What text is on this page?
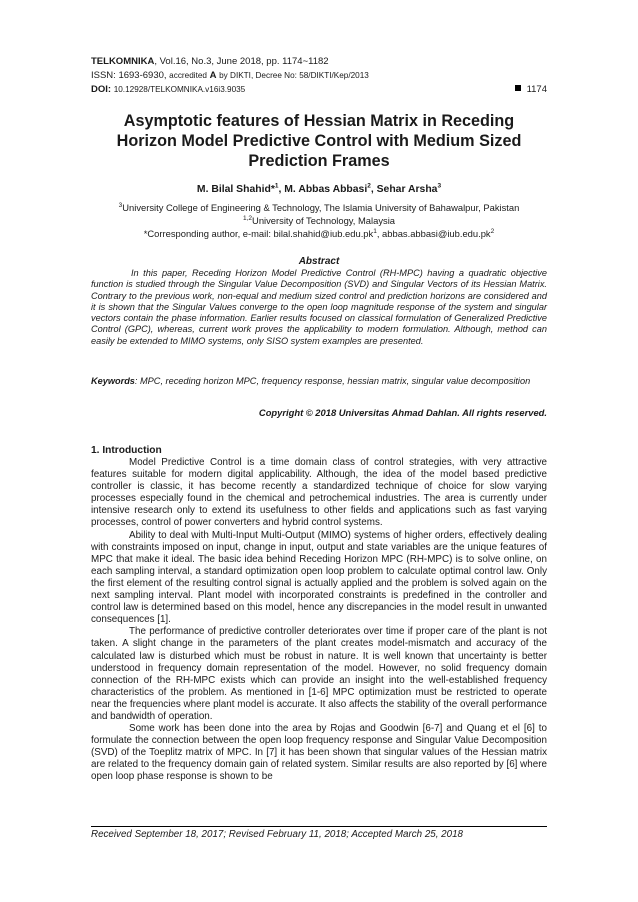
TELKOMNIKA, Vol.16, No.3, June 2018, pp. 1174~1182
ISSN: 1693-6930, accredited A by DIKTI, Decree No: 58/DIKTI/Kep/2013
DOI: 10.12928/TELKOMNIKA.v16i3.9035	1174
Asymptotic features of Hessian Matrix in Receding
Horizon Model Predictive Control with Medium Sized
Prediction Frames
M. Bilal Shahid*$^1$, M. Abbas Abbasi$^2$, Sehar Arsha$^3$
$^3$University College of Engineering & Technology, The Islamia University of Bahawalpur, Pakistan
$^{1,2}$University of Technology, Malaysia
*Corresponding author, e-mail: $bilal.shahid@iub.edu.pk^1$, $abbas.abbasi@iub.edu.pk^2$
Abstract

In this paper, Receding Horizon Model Predictive Control (RH-MPC) having a quadratic objective function is studied through the Singular Value Decomposition (SVD) and Singular Vectors of its Hessian Matrix. Contrary to the previous work, non-equal and medium sized control and prediction horizons are considered and it is shown that the Singular Values converge to the open loop magnitude response of the system and singular vectors contain the phase information. Earlier results focused on classical formulation of Generalized Predictive Control (GPC), whereas, current work proves the applicability to modern formulation. Although, method can easily be extended to MIMO systems, only SISO system examples are presented.

Keywords: MPC, receding horizon MPC, frequency response, hessian matrix, singular value decomposition
Copyright © 2018 Universitas Ahmad Dahlan. All rights reserved.
1. Introduction

Model Predictive Control is a time domain class of control strategies, with very attractive features suitable for modern digital applicability. Although, the idea of the model based predictive controller is classic, it has become recently a standardized technique of choice for slow varying processes especially found in the chemical and petrochemical industries. The area is currently under intensive research only to extend its usefulness to other fields and applications such as fast varying processes, control of power converters and hybrid control systems.

Ability to deal with Multi-Input Multi-Output (MIMO) systems of higher orders, effectively dealing with constraints imposed on input, change in input, output and state variables are the unique features of MPC that make it ideal. The basic idea behind Receding Horizon MPC (RH-MPC) is to solve online, on each sampling interval, a standard optimization open loop problem to calculate optimal control law. Only the first element of the resulting control signal is actually applied and the problem is solved again on the next sampling interval. Plant model with incorporated constraints is predefined in the controller and control law is determined based on this model, hence any discrepancies in the model result in unwanted consequences [1].

The performance of predictive controller deteriorates over time if proper care of the plant is not taken. A slight change in the parameters of the plant creates model-mismatch and accuracy of the calculated law is disturbed which must be robust in nature. It is well known that uncertainty is better understood in frequency domain representation of the model. However, no solid frequency domain connection of the RH-MPC exists which can provide an insight into the well-established frequency characteristics of the problem. As mentioned in [1-6] MPC optimization must be restricted to operate near the frequencies where plant model is accurate. It also affects the stability of the overall performance and bandwidth of operation.

Some work has been done into the area by Rojas and Goodwin [6-7] and Quang et el [6] to formulate the connection between the open loop frequency response and Singular Value Decomposition (SVD) of the Toeplitz matrix of MPC. In [7] it has been shown that singular values of the Hessian matrix are related to the frequency domain gain of related system. Similar results are also reported by [6] where open loop phase response is shown to be

Received September 18, 2017; Revised February 11, 2018; Accepted March 25, 2018
